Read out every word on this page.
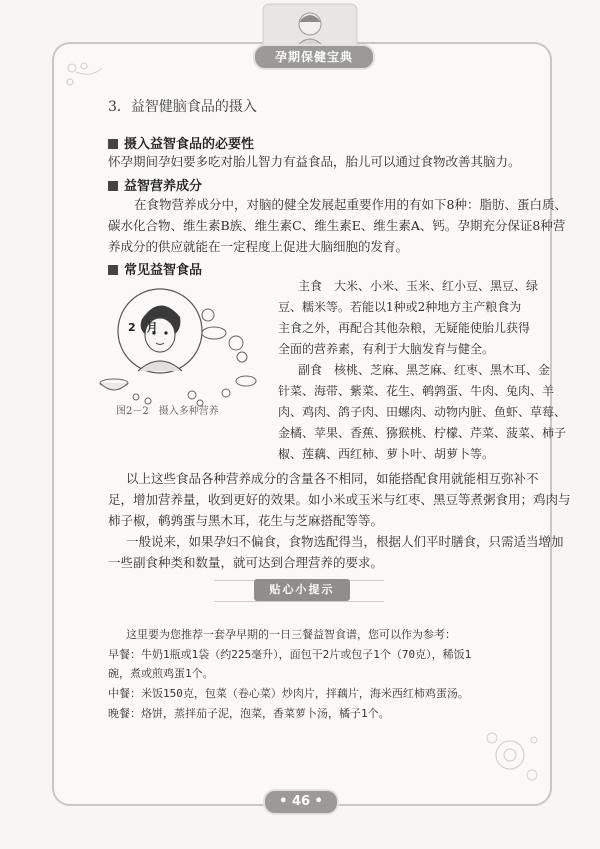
孕期保健宝典
3．益智健脑食品的摄入
摄入益智食品的必要性
怀孕期间孕妇要多吃对胎儿智力有益食品，胎儿可以通过食物改善其脑力。
益智营养成分
在食物营养成分中，对脑的健全发展起重要作用的有如下8种：脂肪、蛋白质、
碳水化合物、维生素B族、维生素C、维生素E、维生素A、钙。孕期充分保证8种营
养成分的供应就能在一定程度上促进大脑细胞的发育。
常见益智食品
2　月
图2－2　摄入多种营养
主食　大米、小米、玉米、红小豆、黑豆、绿
豆、糯米等。若能以1种或2种地方主产粮食为
主食之外，再配合其他杂粮，无疑能使胎儿获得
全面的营养素，有利于大脑发育与健全。
副食　核桃、芝麻、黑芝麻、红枣、黑木耳、金
针菜、海带、紫菜、花生、鹌鹑蛋、牛肉、兔肉、羊
肉、鸡肉、鸽子肉、田螺肉、动物内脏、鱼虾、草莓、
金橘、苹果、香蕉、猕猴桃、柠檬、芹菜、菠菜、柿子
椒、莲藕、西红柿、萝卜叶、胡萝卜等。
以上这些食品各种营养成分的含量各不相同，如能搭配食用就能相互弥补不
足，增加营养量，收到更好的效果。如小米或玉米与红枣、黑豆等煮粥食用；鸡肉与
柿子椒，鹌鹑蛋与黑木耳，花生与芝麻搭配等等。
一般说来，如果孕妇不偏食，食物选配得当，根据人们平时膳食，只需适当增加
一些副食种类和数量，就可达到合理营养的要求。
贴心小提示
这里要为您推荐一套孕早期的一日三餐益智食谱，您可以作为参考：
早餐：牛奶1瓶或1袋（约225毫升），面包干2片或包子1个（70克），稀饭1
碗，煮或煎鸡蛋1个。
中餐：米饭150克，包菜（卷心菜）炒肉片，拌藕片，海米西红柿鸡蛋汤。
晚餐：烙饼，蒸拌茄子泥，泡菜，香菜萝卜汤，橘子1个。
• 46 •
